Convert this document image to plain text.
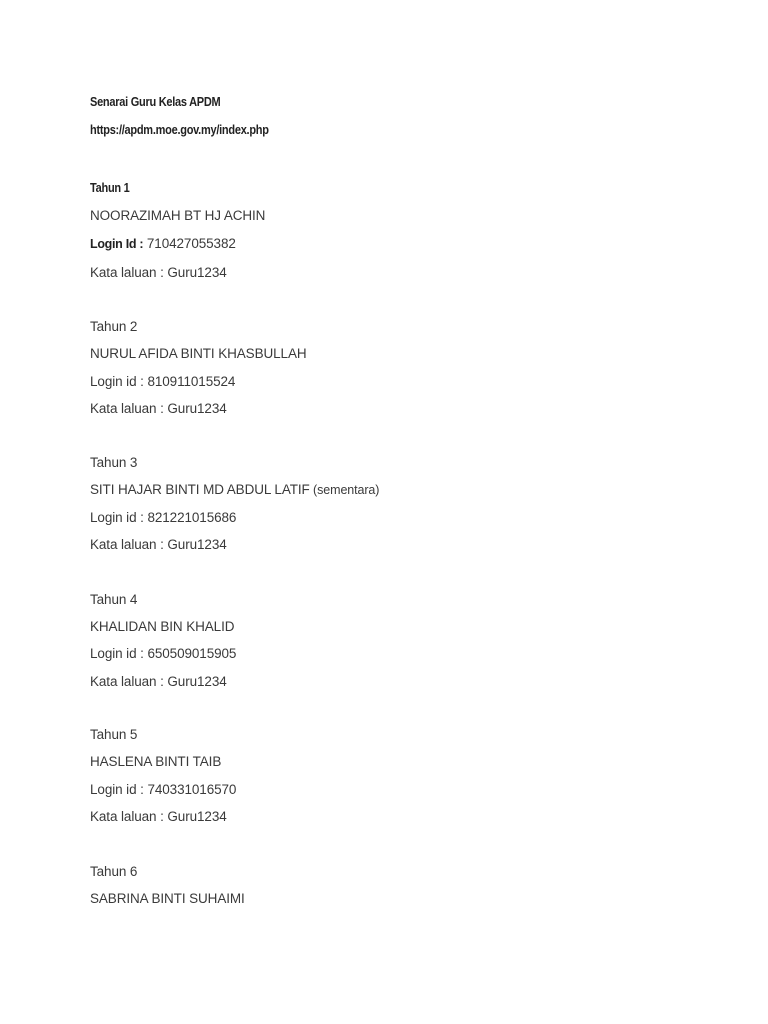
Senarai Guru Kelas APDM
https://apdm.moe.gov.my/index.php
Tahun 1
NOORAZIMAH BT HJ ACHIN
Login Id : 710427055382
Kata laluan : Guru1234
Tahun 2
NURUL AFIDA BINTI KHASBULLAH
Login id : 810911015524
Kata laluan : Guru1234
Tahun 3
SITI HAJAR BINTI MD ABDUL LATIF (sementara)
Login id : 821221015686
Kata laluan : Guru1234
Tahun 4
KHALIDAN BIN KHALID
Login id : 650509015905
Kata laluan : Guru1234
Tahun 5
HASLENA BINTI TAIB
Login id : 740331016570
Kata laluan : Guru1234
Tahun 6
SABRINA BINTI SUHAIMI
